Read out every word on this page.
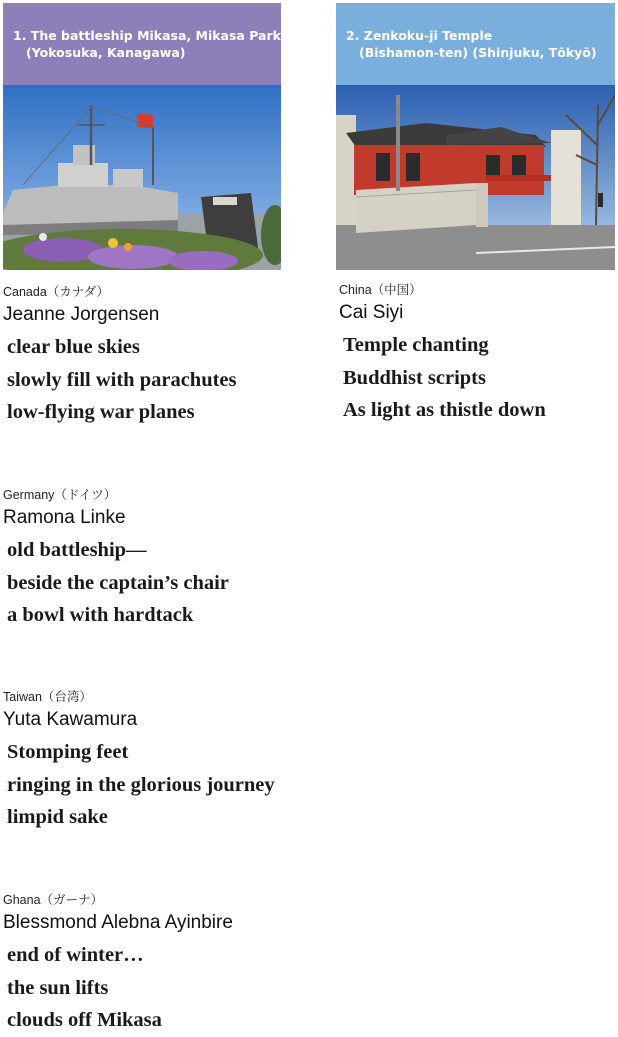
1. The battleship Mikasa, Mikasa Park
(Yokosuka, Kanagawa)
2. Zenkoku-ji Temple
(Bishamon-ten) (Shinjuku, Tōkyō)
Canada（カナダ）
Jeanne Jorgensen
clear blue skies
slowly fill with parachutes
low-flying war planes
China（中国）
Cai Siyi
Temple chanting
Buddhist scripts
As light as thistle down
Germany（ドイツ）
Ramona Linke
old battleship—
beside the captain’s chair
a bowl with hardtack
Taiwan（台湾）
Yuta Kawamura
Stomping feet
ringing in the glorious journey
limpid sake
Ghana（ガーナ）
Blessmond Alebna Ayinbire
end of winter…
the sun lifts
clouds off Mikasa
